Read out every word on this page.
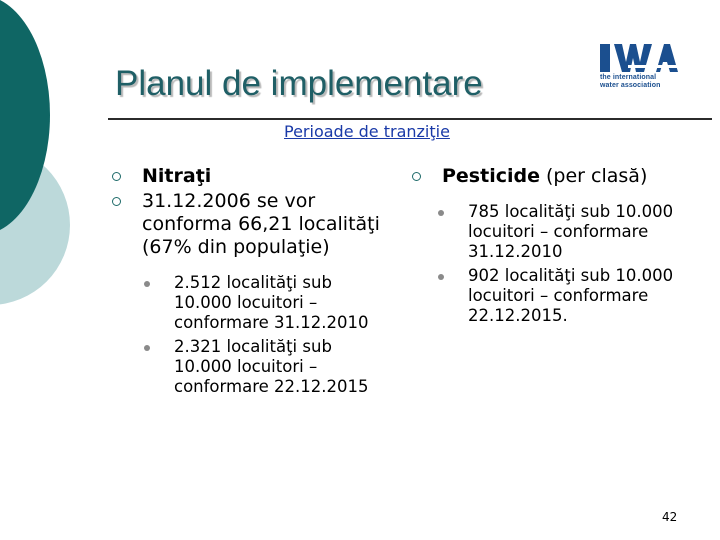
Planul de implementare	the international
water association
Perioade de tranziţie
Nitraţi
31.12.2006 se vor conforma 66,21 localităţi (67% din populaţie)
2.512 localităţi sub 10.000 locuitori – conformare 31.12.2010
2.321 localităţi sub 10.000 locuitori – conformare 22.12.2015
Pesticide (per clasă)
785 localităţi sub 10.000 locuitori – conformare 31.12.2010
902 localităţi sub 10.000 locuitori – conformare 22.12.2015.
42
